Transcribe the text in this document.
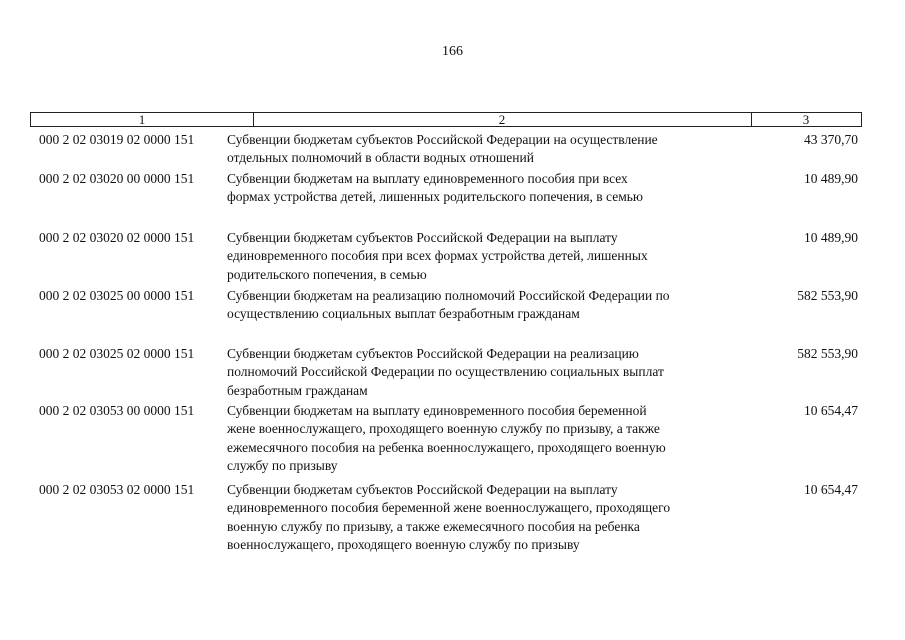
166
1	2	3
000 2 02 03019 02 0000 151 Субвенции бюджетам субъектов Российской Федерации на осуществление
отдельных полномочий в области водных отношений
43 370,70
000 2 02 03020 00 0000 151 Субвенции бюджетам на выплату единовременного пособия при всех
формах устройства детей, лишенных родительского попечения, в семью
10 489,90
000 2 02 03020 02 0000 151 Субвенции бюджетам субъектов Российской Федерации на выплату
единовременного пособия при всех формах устройства детей, лишенных
родительского попечения, в семью
10 489,90
000 2 02 03025 00 0000 151 Субвенции бюджетам на реализацию полномочий Российской Федерации по
осуществлению социальных выплат безработным гражданам
582 553,90
000 2 02 03025 02 0000 151 Субвенции бюджетам субъектов Российской Федерации на реализацию
полномочий Российской Федерации по осуществлению социальных выплат
безработным гражданам
582 553,90
000 2 02 03053 00 0000 151 Субвенции бюджетам на выплату единовременного пособия беременной
жене военнослужащего, проходящего военную службу по призыву, а также
ежемесячного пособия на ребенка военнослужащего, проходящего военную
службу по призыву
10 654,47
000 2 02 03053 02 0000 151 Субвенции бюджетам субъектов Российской Федерации на выплату
единовременного пособия беременной жене военнослужащего, проходящего
военную службу по призыву, а также ежемесячного пособия на ребенка
военнослужащего, проходящего военную службу по призыву
10 654,47
